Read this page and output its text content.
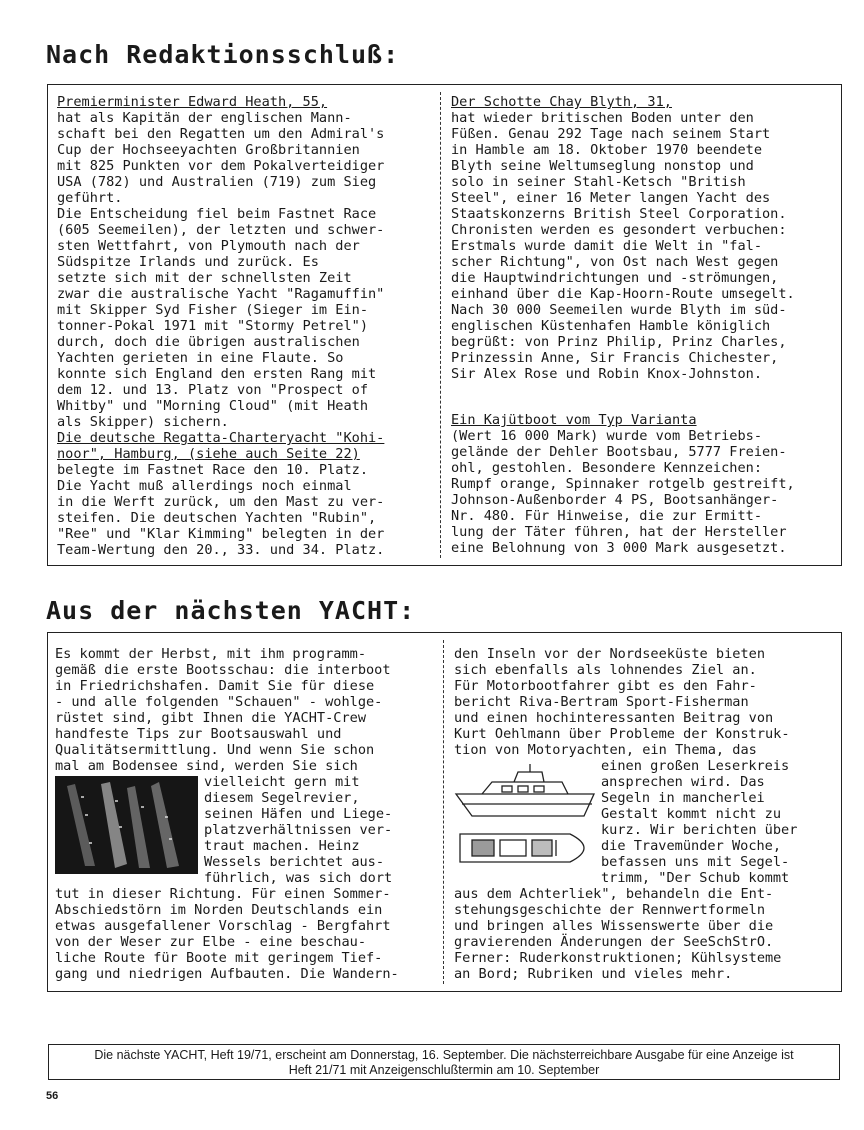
Nach Redaktionsschluß:
Premierminister Edward Heath, 55,
hat als Kapitän der englischen Mann-
schaft bei den Regatten um den Admiral's
Cup der Hochseeyachten Großbritannien
mit 825 Punkten vor dem Pokalverteidiger
USA (782) und Australien (719) zum Sieg
geführt.
Die Entscheidung fiel beim Fastnet Race
(605 Seemeilen), der letzten und schwer-
sten Wettfahrt, von Plymouth nach der
Südspitze Irlands und zurück. Es
setzte sich mit der schnellsten Zeit
zwar die australische Yacht "Ragamuffin"
mit Skipper Syd Fisher (Sieger im Ein-
tonner-Pokal 1971 mit "Stormy Petrel")
durch, doch die übrigen australischen
Yachten gerieten in eine Flaute. So
konnte sich England den ersten Rang mit
dem 12. und 13. Platz von "Prospect of
Whitby" und "Morning Cloud" (mit Heath
als Skipper) sichern.
Die deutsche Regatta-Charteryacht "Kohi-
noor", Hamburg, (siehe auch Seite 22)
belegte im Fastnet Race den 10. Platz.
Die Yacht muß allerdings noch einmal
in die Werft zurück, um den Mast zu ver-
steifen. Die deutschen Yachten "Rubin",
"Ree" und "Klar Kimming" belegten in der
Team-Wertung den 20., 33. und 34. Platz.
Der Schotte Chay Blyth, 31,
hat wieder britischen Boden unter den
Füßen. Genau 292 Tage nach seinem Start
in Hamble am 18. Oktober 1970 beendete
Blyth seine Weltumseglung nonstop und
solo in seiner Stahl-Ketsch "British
Steel", einer 16 Meter langen Yacht des
Staatskonzerns British Steel Corporation.
Chronisten werden es gesondert verbuchen:
Erstmals wurde damit die Welt in "fal-
scher Richtung", von Ost nach West gegen
die Hauptwindrichtungen und -strömungen,
einhand über die Kap-Hoorn-Route umsegelt.
Nach 30 000 Seemeilen wurde Blyth im süd-
englischen Küstenhafen Hamble königlich
begrüßt: von Prinz Philip, Prinz Charles,
Prinzessin Anne, Sir Francis Chichester,
Sir Alex Rose und Robin Knox-Johnston.
Ein Kajütboot vom Typ Varianta
(Wert 16 000 Mark) wurde vom Betriebs-
gelände der Dehler Bootsbau, 5777 Freien-
ohl, gestohlen. Besondere Kennzeichen:
Rumpf orange, Spinnaker rotgelb gestreift,
Johnson-Außenborder 4 PS, Bootsanhänger-
Nr. 480. Für Hinweise, die zur Ermitt-
lung der Täter führen, hat der Hersteller
eine Belohnung von 3 000 Mark ausgesetzt.
Aus der nächsten YACHT:
Es kommt der Herbst, mit ihm programm-
gemäß die erste Bootsschau: die interboot
in Friedrichshafen. Damit Sie für diese
- und alle folgenden "Schauen" - wohlge-
rüstet sind, gibt Ihnen die YACHT-Crew
handfeste Tips zur Bootsauswahl und
Qualitätsermittlung. Und wenn Sie schon
mal am Bodensee sind, werden Sie sich
vielleicht gern mit
diesem Segelrevier,
seinen Häfen und Liege-
platzverhältnissen ver-
traut machen. Heinz
Wessels berichtet aus-
führlich, was sich dort
tut in dieser Richtung. Für einen Sommer-
Abschiedstörn im Norden Deutschlands ein
etwas ausgefallener Vorschlag - Bergfahrt
von der Weser zur Elbe - eine beschau-
liche Route für Boote mit geringem Tief-
gang und niedrigen Aufbauten. Die Wandern-
den Inseln vor der Nordseeküste bieten
sich ebenfalls als lohnendes Ziel an.
Für Motorbootfahrer gibt es den Fahr-
bericht Riva-Bertram Sport-Fisherman
und einen hochinteressanten Beitrag von
Kurt Oehlmann über Probleme der Konstruk-
tion von Motoryachten, ein Thema, das
einen großen Leserkreis
ansprechen wird. Das
Segeln in mancherlei
Gestalt kommt nicht zu
kurz. Wir berichten über
die Travemünder Woche,
befassen uns mit Segel-
trimm, "Der Schub kommt
aus dem Achterliek", behandeln die Ent-
stehungsgeschichte der Rennwertformeln
und bringen alles Wissenswerte über die
gravierenden Änderungen der SeeSchStrO.
Ferner: Ruderkonstruktionen; Kühlsysteme
an Bord; Rubriken und vieles mehr.
Die nächste YACHT, Heft 19/71, erscheint am Donnerstag, 16. September. Die nächsterreichbare Ausgabe für eine Anzeige ist
Heft 21/71 mit Anzeigenschlußtermin am 10. September
56
